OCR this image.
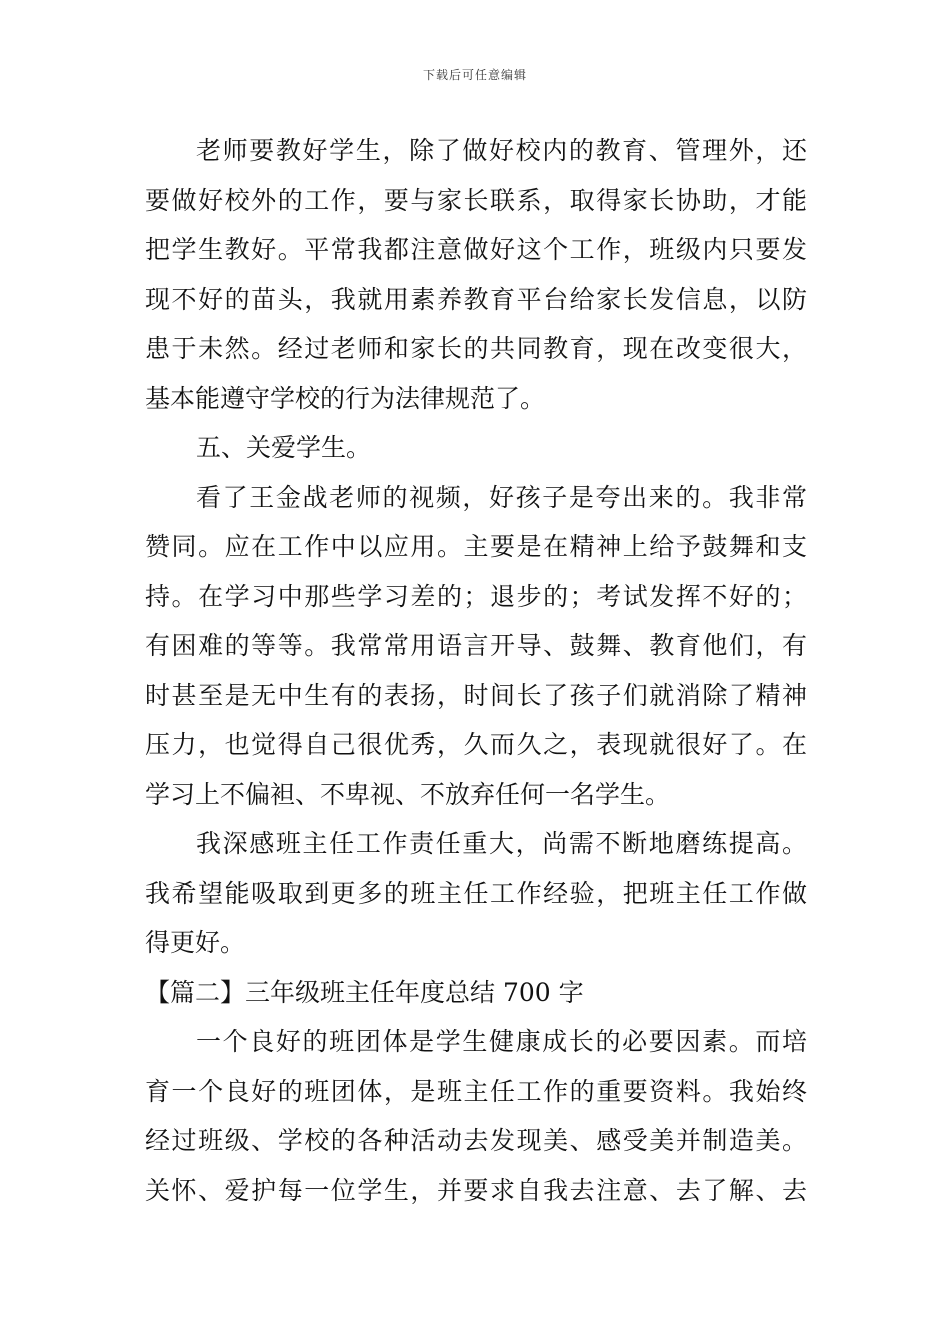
下载后可任意编辑
老师要教好学生，除了做好校内的教育、管理外，还
要做好校外的工作，要与家长联系，取得家长协助，才能
把学生教好。平常我都注意做好这个工作，班级内只要发
现不好的苗头，我就用素养教育平台给家长发信息，以防
患于未然。经过老师和家长的共同教育，现在改变很大，
基本能遵守学校的行为法律规范了。
五、关爱学生。
看了王金战老师的视频，好孩子是夸出来的。我非常
赞同。应在工作中以应用。主要是在精神上给予鼓舞和支
持。在学习中那些学习差的；退步的；考试发挥不好的；
有困难的等等。我常常用语言开导、鼓舞、教育他们，有
时甚至是无中生有的表扬，时间长了孩子们就消除了精神
压力，也觉得自己很优秀，久而久之，表现就很好了。在
学习上不偏袒、不卑视、不放弃任何一名学生。
我深感班主任工作责任重大，尚需不断地磨练提高。
我希望能吸取到更多的班主任工作经验，把班主任工作做
得更好。
【篇二】三年级班主任年度总结 700 字
一个良好的班团体是学生健康成长的必要因素。而培
育一个良好的班团体，是班主任工作的重要资料。我始终
经过班级、学校的各种活动去发现美、感受美并制造美。
关怀、爱护每一位学生，并要求自我去注意、去了解、去
